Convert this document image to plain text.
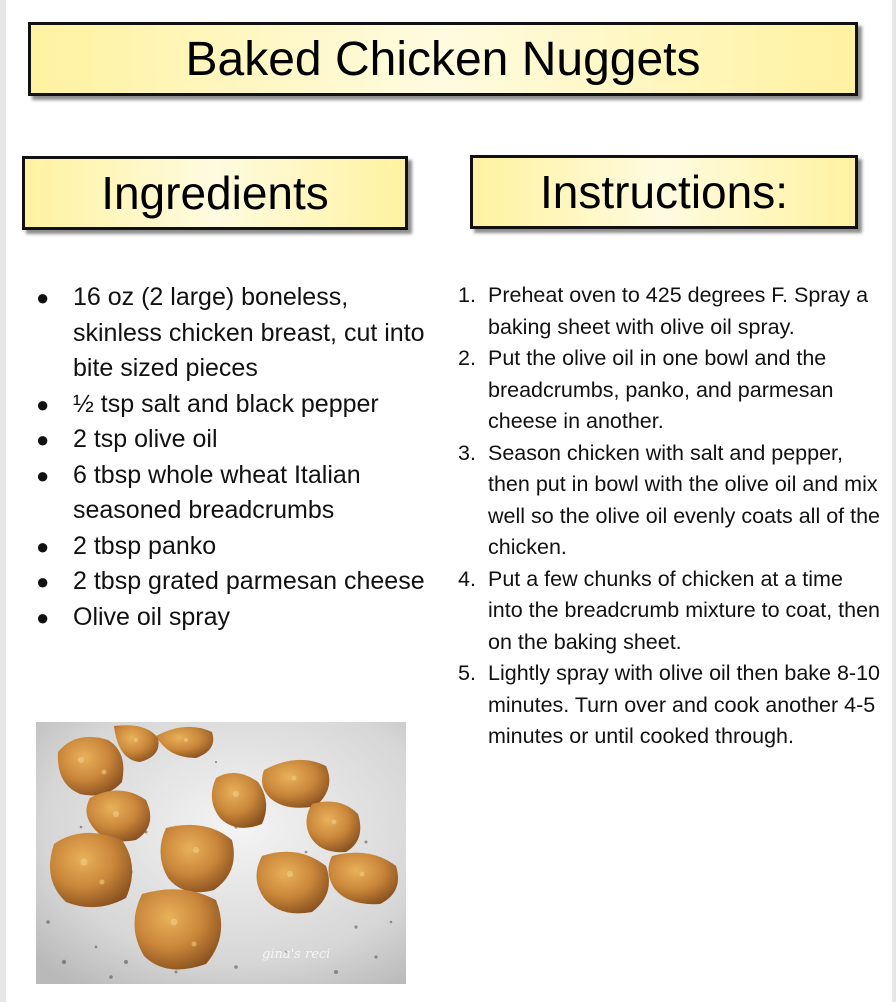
Baked Chicken Nuggets
Ingredients	Instructions:
● 16 oz (2 large) boneless, skinless chicken breast, cut into bite sized pieces
● ½ tsp salt and black pepper
● 2 tsp olive oil
● 6 tbsp whole wheat Italian seasoned breadcrumbs
● 2 tbsp panko
● 2 tbsp grated parmesan cheese
● Olive oil spray
1. Preheat oven to 425 degrees F. Spray a baking sheet with olive oil spray.
2. Put the olive oil in one bowl and the breadcrumbs, panko, and parmesan cheese in another.
3. Season chicken with salt and pepper, then put in bowl with the olive oil and mix well so the olive oil evenly coats all of the chicken.
4. Put a few chunks of chicken at a time into the breadcrumb mixture to coat, then on the baking sheet.
5. Lightly spray with olive oil then bake 8-10 minutes. Turn over and cook another 4-5 minutes or until cooked through.
gina's reci
